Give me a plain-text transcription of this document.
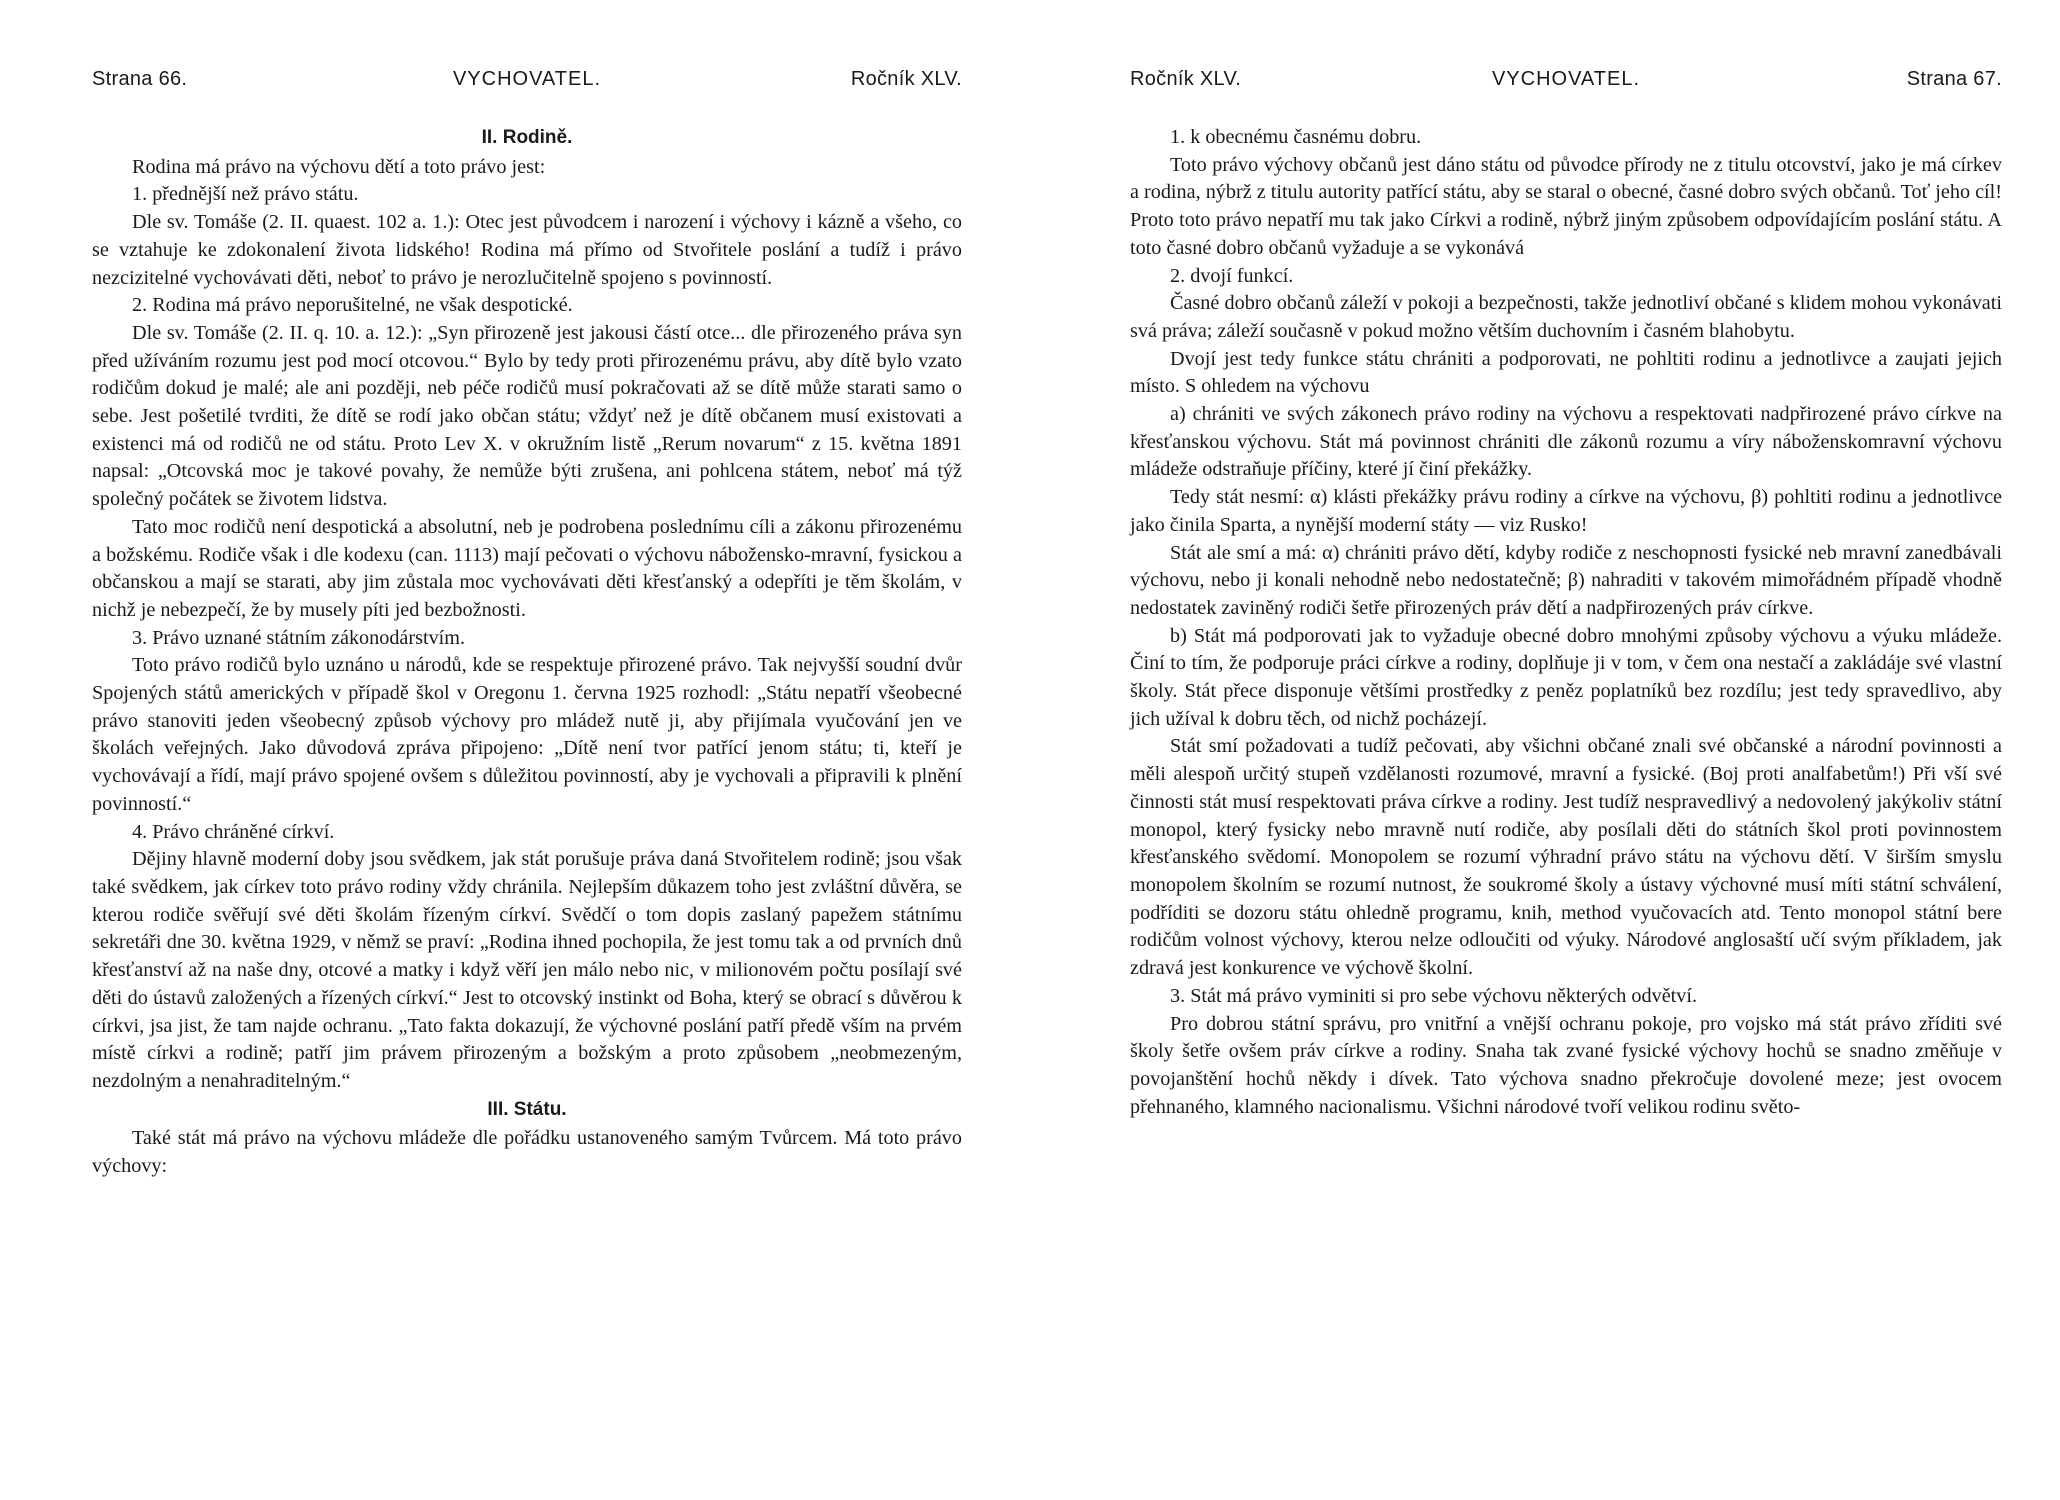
Strana 66.	VYCHOVATEL.	Ročník XLV.
II. Rodině.

Rodina má právo na výchovu dětí a toto právo jest:

1. přednější než právo státu.

Dle sv. Tomáše (2. II. quaest. 102 a. 1.): Otec jest původcem i narození i výchovy i kázně a všeho, co se vztahuje ke zdokonalení života lidského! Rodina má přímo od Stvořitele poslání a tudíž i právo nezcizitelné vychovávati děti, neboť to právo je nerozlučitelně spojeno s povinností.

2. Rodina má právo neporušitelné, ne však despotické.

Dle sv. Tomáše (2. II. q. 10. a. 12.): „Syn přirozeně jest jakousi částí otce... dle přirozeného práva syn před užíváním rozumu jest pod mocí otcovou.“ Bylo by tedy proti přirozenému právu, aby dítě bylo vzato rodičům dokud je malé; ale ani později, neb péče rodičů musí pokračovati až se dítě může starati samo o sebe. Jest pošetilé tvrditi, že dítě se rodí jako občan státu; vždyť než je dítě občanem musí existovati a existenci má od rodičů ne od státu. Proto Lev X. v okružním listě „Rerum novarum“ z 15. května 1891 napsal: „Otcovská moc je takové povahy, že nemůže býti zrušena, ani pohlcena státem, neboť má týž společný počátek se životem lidstva.

Tato moc rodičů není despotická a absolutní, neb je podrobena poslednímu cíli a zákonu přirozenému a božskému. Rodiče však i dle kodexu (can. 1113) mají pečovati o výchovu nábožensko-mravní, fysickou a občanskou a mají se starati, aby jim zůstala moc vychovávati děti křesťanský a odepříti je těm školám, v nichž je nebezpečí, že by musely píti jed bezbožnosti.

3. Právo uznané státním zákonodárstvím.

Toto právo rodičů bylo uznáno u národů, kde se respektuje přirozené právo. Tak nejvyšší soudní dvůr Spojených států amerických v případě škol v Oregonu 1. června 1925 rozhodl: „Státu nepatří všeobecné právo stanoviti jeden všeobecný způsob výchovy pro mládež nutě ji, aby přijímala vyučování jen ve školách veřejných. Jako důvodová zpráva připojeno: „Dítě není tvor patřící jenom státu; ti, kteří je vychovávají a řídí, mají právo spojené ovšem s důležitou povinností, aby je vychovali a připravili k plnění povinností.“

4. Právo chráněné církví.

Dějiny hlavně moderní doby jsou svědkem, jak stát porušuje práva daná Stvořitelem rodině; jsou však také svědkem, jak církev toto právo rodiny vždy chránila. Nejlepším důkazem toho jest zvláštní důvěra, se kterou rodiče svěřují své děti školám řízeným církví. Svědčí o tom dopis zaslaný papežem státnímu sekretáři dne 30. května 1929, v němž se praví: „Rodina ihned pochopila, že jest tomu tak a od prvních dnů křesťanství až na naše dny, otcové a matky i když věří jen málo nebo nic, v milionovém počtu posílají své děti do ústavů založených a řízených církví.“ Jest to otcovský instinkt od Boha, který se obrací s důvěrou k církvi, jsa jist, že tam najde ochranu. „Tato fakta dokazují, že výchovné poslání patří předě vším na prvém místě církvi a rodině; patří jim právem přirozeným a božským a proto způsobem „neobmezeným, nezdolným a nenahraditelným.“

III. Státu.

Také stát má právo na výchovu mládeže dle pořádku ustanoveného samým Tvůrcem. Má toto právo výchovy:

Ročník XLV.	VYCHOVATEL.	Strana 67.

1. k obecnému časnému dobru.

Toto právo výchovy občanů jest dáno státu od původce přírody ne z titulu otcovství, jako je má církev a rodina, nýbrž z titulu autority patřící státu, aby se staral o obecné, časné dobro svých občanů. Toť jeho cíl! Proto toto právo nepatří mu tak jako Církvi a rodině, nýbrž jiným způsobem odpovídajícím poslání státu. A toto časné dobro občanů vyžaduje a se vykonává

2. dvojí funkcí.

Časné dobro občanů záleží v pokoji a bezpečnosti, takže jednotliví občané s klidem mohou vykonávati svá práva; záleží současně v pokud možno větším duchovním i časném blahobytu.

Dvojí jest tedy funkce státu chrániti a podporovati, ne pohltiti rodinu a jednotlivce a zaujati jejich místo. S ohledem na výchovu

a) chrániti ve svých zákonech právo rodiny na výchovu a respektovati nadpřirozené právo církve na křesťanskou výchovu. Stát má povinnost chrániti dle zákonů rozumu a víry náboženskomravní výchovu mládeže odstraňuje příčiny, které jí činí překážky.

Tedy stát nesmí: α) klásti překážky právu rodiny a církve na výchovu, β) pohltiti rodinu a jednotlivce jako činila Sparta, a nynější moderní státy — viz Rusko!

Stát ale smí a má: α) chrániti právo dětí, kdyby rodiče z neschopnosti fysické neb mravní zanedbávali výchovu, nebo ji konali nehodně nebo nedostatečně; β) nahraditi v takovém mimořádném případě vhodně nedostatek zaviněný rodiči šetře přirozených práv dětí a nadpřirozených práv církve.

b) Stát má podporovati jak to vyžaduje obecné dobro mnohými způsoby výchovu a výuku mládeže. Činí to tím, že podporuje práci církve a rodiny, doplňuje ji v tom, v čem ona nestačí a zakládáje své vlastní školy. Stát přece disponuje většími prostředky z peněz poplatníků bez rozdílu; jest tedy spravedlivo, aby jich užíval k dobru těch, od nichž pocházejí.

Stát smí požadovati a tudíž pečovati, aby všichni občané znali své občanské a národní povinnosti a měli alespoň určitý stupeň vzdělanosti rozumové, mravní a fysické. (Boj proti analfabetům!) Při vší své činnosti stát musí respektovati práva církve a rodiny. Jest tudíž nespravedlivý a nedovolený jakýkoliv státní monopol, který fysicky nebo mravně nutí rodiče, aby posílali děti do státních škol proti povinnostem křesťanského svědomí. Monopolem se rozumí výhradní právo státu na výchovu dětí. V širším smyslu monopolem školním se rozumí nutnost, že soukromé školy a ústavy výchovné musí míti státní schválení, podříditi se dozoru státu ohledně programu, knih, method vyučovacích atd. Tento monopol státní bere rodičům volnost výchovy, kterou nelze odloučiti od výuky. Národové anglosaští učí svým příkladem, jak zdravá jest konkurence ve výchově školní.

3. Stát má právo vyminiti si pro sebe výchovu některých odvětví.

Pro dobrou státní správu, pro vnitřní a vnější ochranu pokoje, pro vojsko má stát právo zříditi své školy šetře ovšem práv církve a rodiny. Snaha tak zvané fysické výchovy hochů se snadno změňuje v povojanštění hochů někdy i dívek. Tato výchova snadno překročuje dovolené meze; jest ovocem přehnaného, klamného nacionalismu. Všichni národové tvoří velikou rodinu světo-
